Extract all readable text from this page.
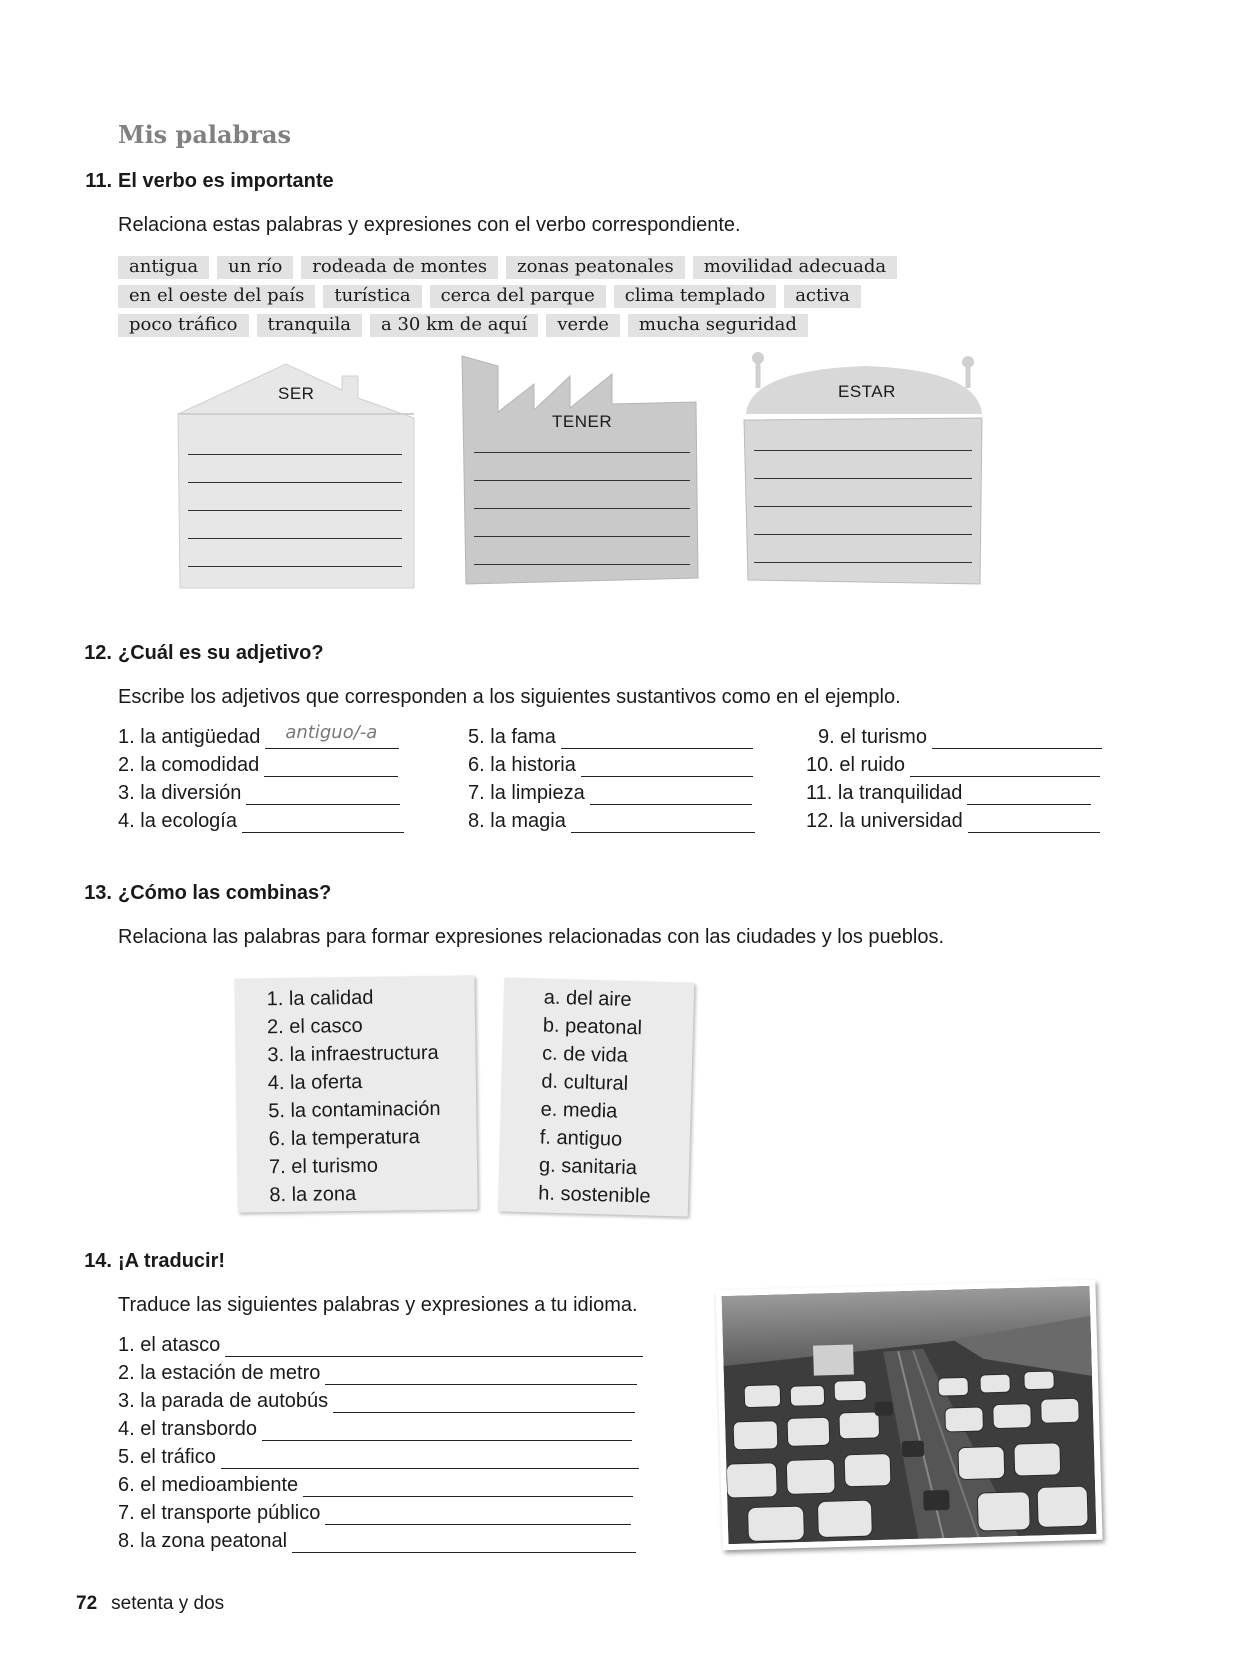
Mis palabras
11. El verbo es importante
Relaciona estas palabras y expresiones con el verbo correspondiente.
antigua	un río	rodeada de montes	zonas peatonales	movilidad adecuada
en el oeste del país	turística	cerca del parque	clima templado	activa
poco tráfico	tranquila	a 30 km de aquí	verde	mucha seguridad
SER
TENER
ESTAR
12. ¿Cuál es su adjetivo?
Escribe los adjetivos que corresponden a los siguientes sustantivos como en el ejemplo.
1.
la antigüedad antiguo/-a
2.
la comodidad
3.
la diversión
4.
la ecología
5.
la fama
6.
la historia
7.
la limpieza
8.
la magia
9.
el turismo
10.
el ruido
11.
la tranquilidad
12.
la universidad
13. ¿Cómo las combinas?
Relaciona las palabras para formar expresiones relacionadas con las ciudades y los pueblos.
1. la calidad
2. el casco
3. la infraestructura
4. la oferta
5. la contaminación
6. la temperatura
7. el turismo
8. la zona
a. del aire
b. peatonal
c. de vida
d. cultural
e. media
f. antiguo
g. sanitaria
h. sostenible
14. ¡A traducir!
Traduce las siguientes palabras y expresiones a tu idioma.
1.
el atasco
2.
la estación de metro
3.
la parada de autobús
4.
el transbordo
5.
el tráfico
6.
el medioambiente
7.
el transporte público
8.
la zona peatonal
72 setenta y dos
